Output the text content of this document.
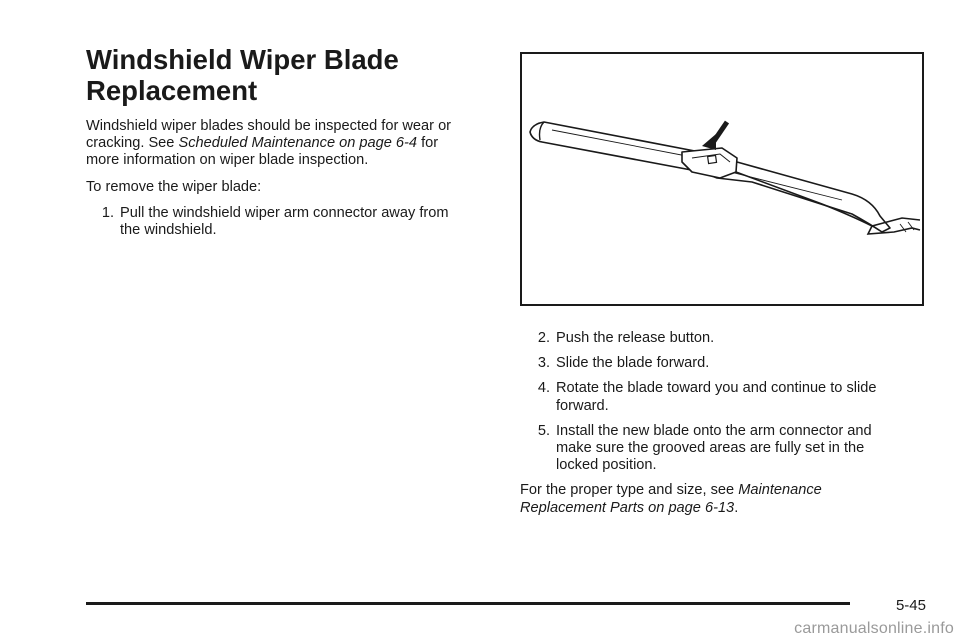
Windshield Wiper Blade Replacement

Windshield wiper blades should be inspected for wear or cracking. See Scheduled Maintenance on page 6-4 for more information on wiper blade inspection.

To remove the wiper blade:

1. Pull the windshield wiper arm connector away from the windshield.
2. Push the release button.
3. Slide the blade forward.
4. Rotate the blade toward you and continue to slide forward.
5. Install the new blade onto the arm connector and make sure the grooved areas are fully set in the locked position.

For the proper type and size, see Maintenance Replacement Parts on page 6-13.

5-45
carmanualsonline.info
